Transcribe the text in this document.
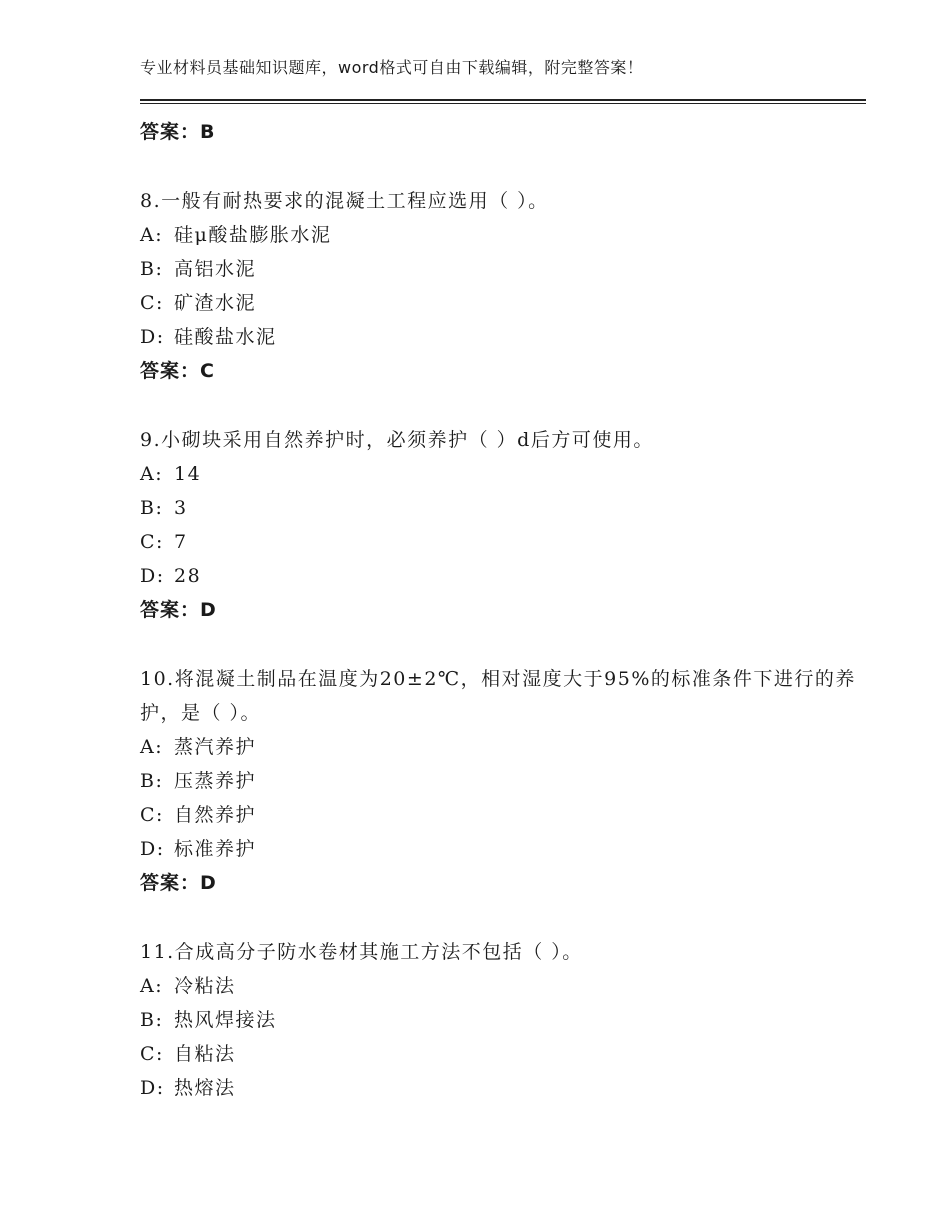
专业材料员基础知识题库，word格式可自由下载编辑，附完整答案！
答案：B
8.一般有耐热要求的混凝土工程应选用（ ）。
A: 硅μ酸盐膨胀水泥
B: 高铝水泥
C: 矿渣水泥
D: 硅酸盐水泥
答案：C
9.小砌块采用自然养护时，必须养护（ ）d后方可使用。
A: 14
B: 3
C: 7
D: 28
答案：D
10.将混凝土制品在温度为20±2℃，相对湿度大于95%的标准条件下进行的养护，是（ ）。
A: 蒸汽养护
B: 压蒸养护
C: 自然养护
D: 标准养护
答案：D
11.合成高分子防水卷材其施工方法不包括（ ）。
A: 冷粘法
B: 热风焊接法
C: 自粘法
D: 热熔法
